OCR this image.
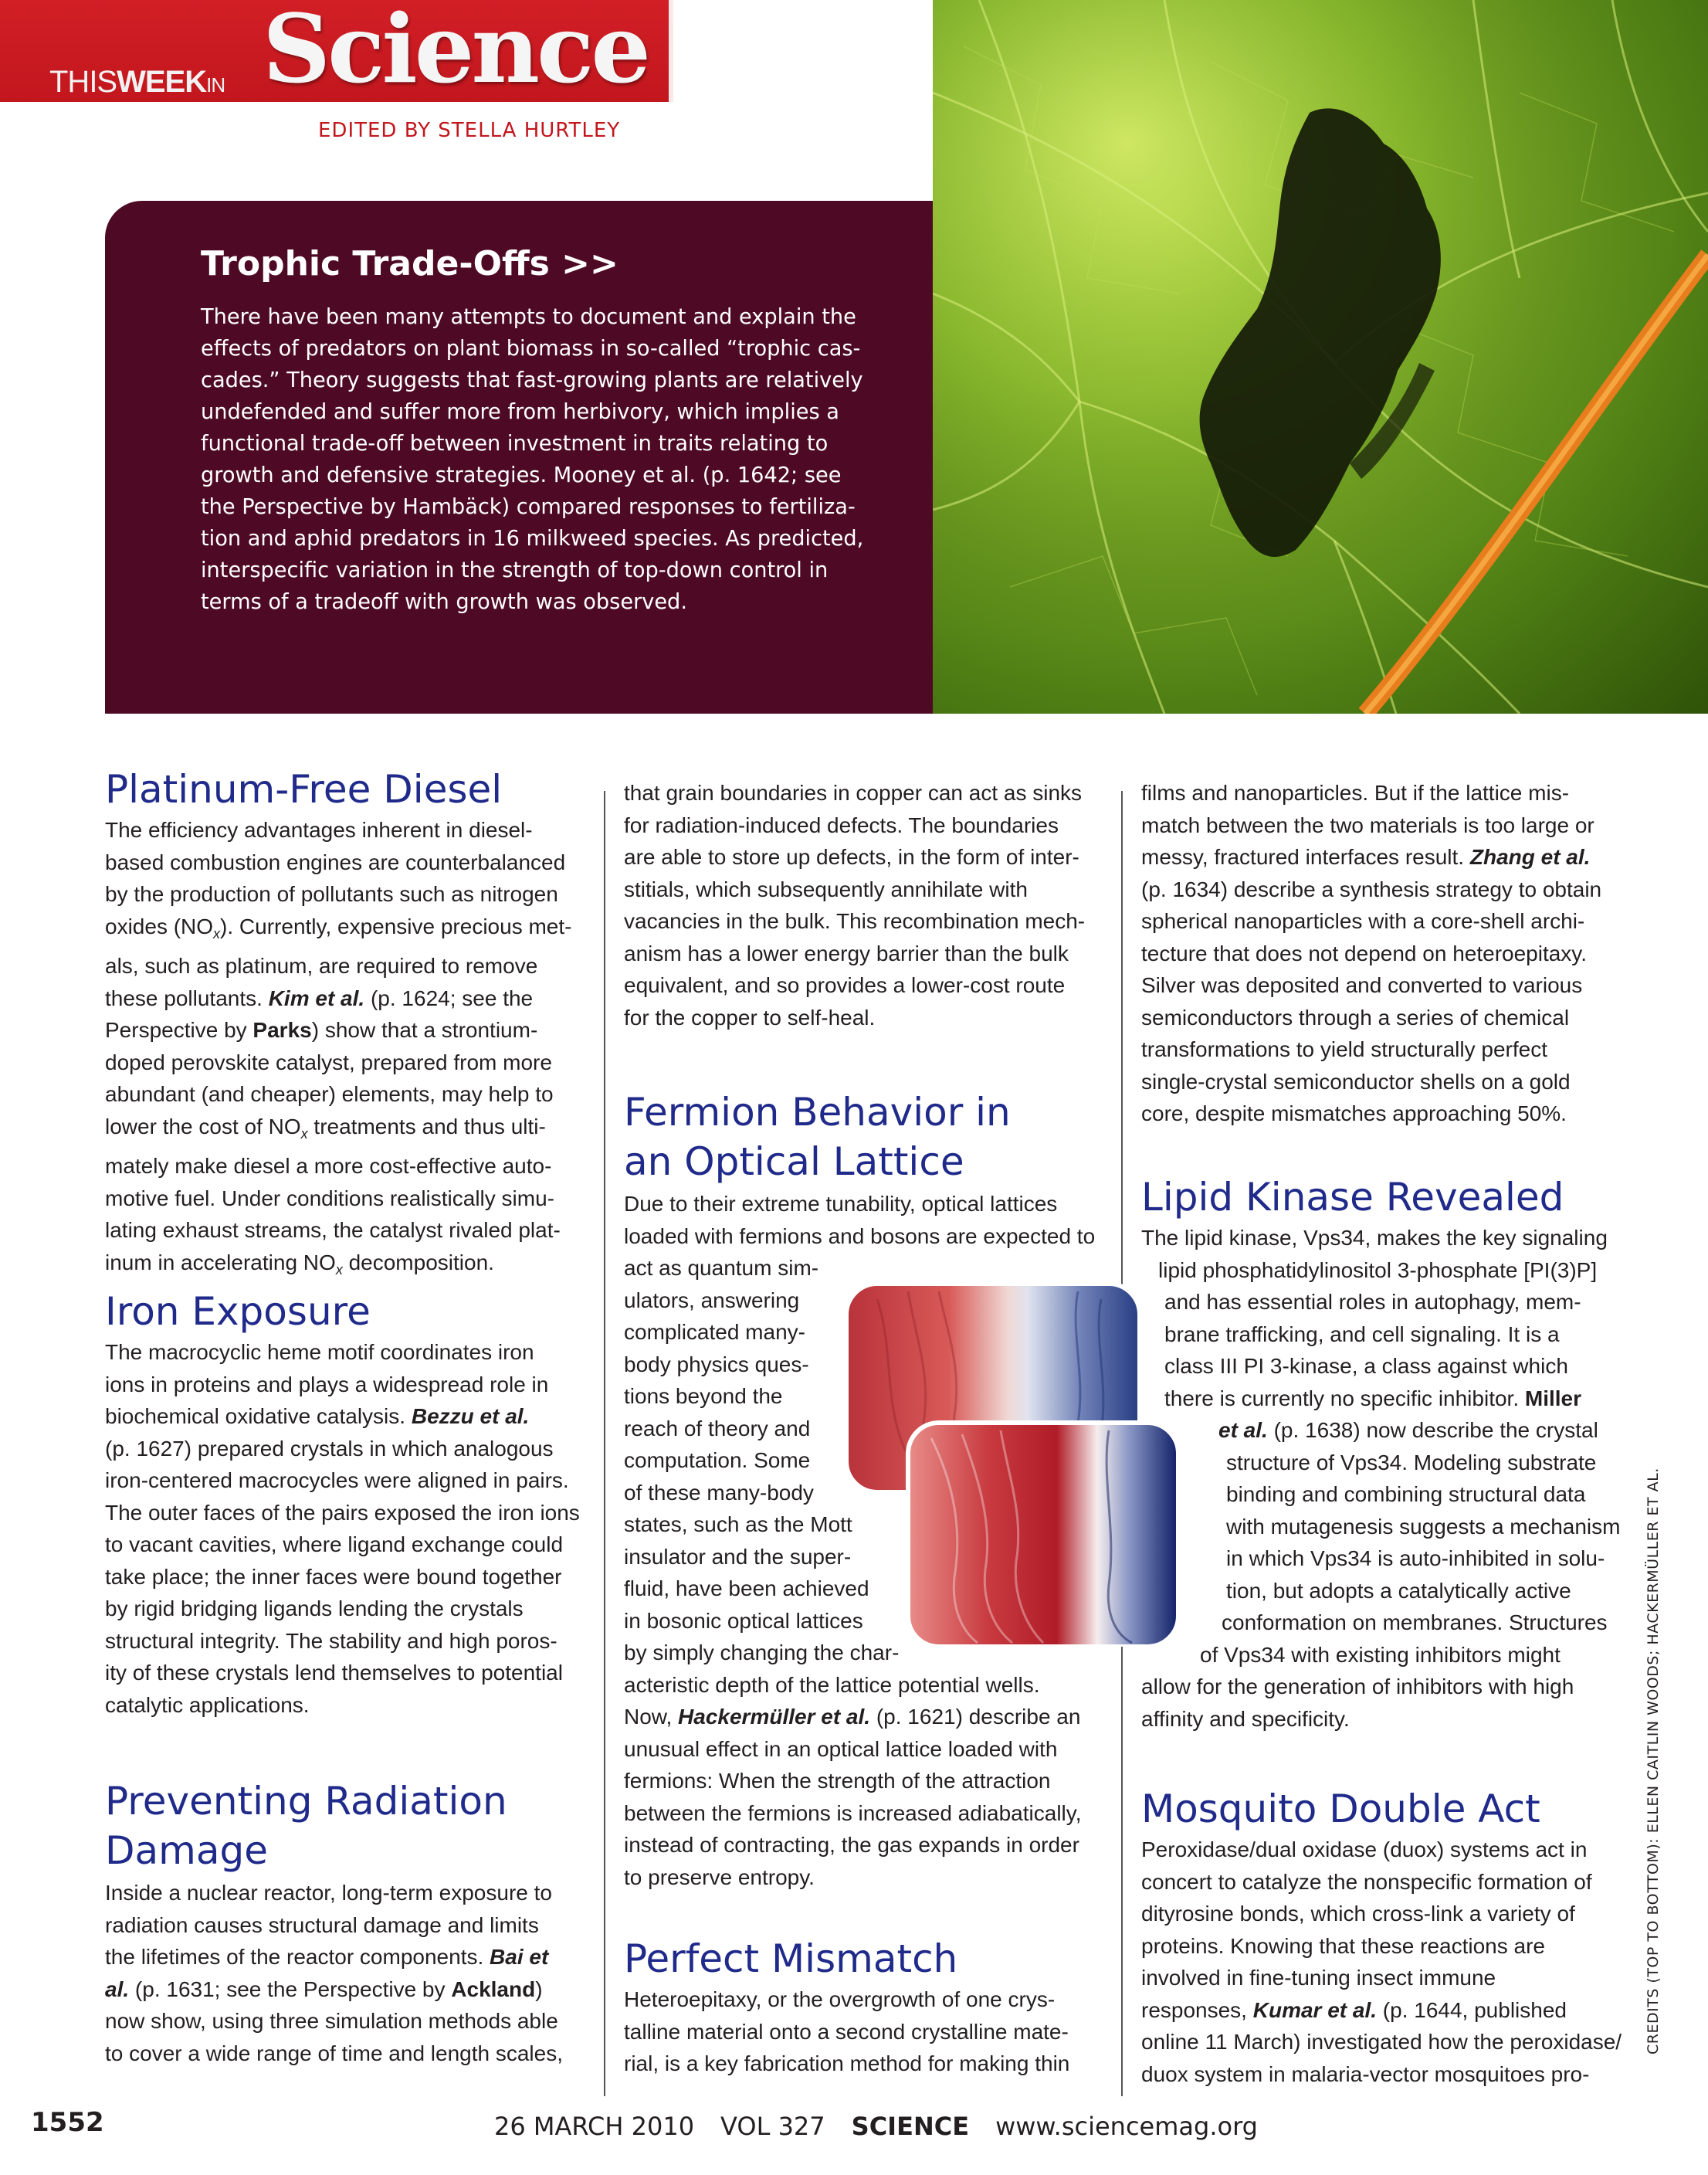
THISWEEKIN Science
EDITED BY STELLA HURTLEY
Trophic Trade-Offs >>
There have been many attempts to document and explain the
effects of predators on plant biomass in so-called “trophic cas-
cades.” Theory suggests that fast-growing plants are relatively
undefended and suffer more from herbivory, which implies a
functional trade-off between investment in traits relating to
growth and defensive strategies. Mooney et al. (p. 1642; see
the Perspective by Hambäck) compared responses to fertiliza-
tion and aphid predators in 16 milkweed species. As predicted,
interspecific variation in the strength of top-down control in
terms of a tradeoff with growth was observed.
Platinum-Free Diesel
The efficiency advantages inherent in diesel-
based combustion engines are counterbalanced
by the production of pollutants such as nitrogen
oxides $(NO_x)$. Currently, expensive precious met-
als, such as platinum, are required to remove
these pollutants. Kim et al. (p. 1624; see the
Perspective by Parks) show that a strontium-
doped perovskite catalyst, prepared from more
abundant (and cheaper) elements, may help to
lower the cost of $NO_x$ treatments and thus ulti-
mately make diesel a more cost-effective auto-
motive fuel. Under conditions realistically simu-
lating exhaust streams, the catalyst rivaled plat-
inum in accelerating $NO_x$ decomposition.
Iron Exposure
The macrocyclic heme motif coordinates iron
ions in proteins and plays a widespread role in
biochemical oxidative catalysis. Bezzu et al.
(p. 1627) prepared crystals in which analogous
iron-centered macrocycles were aligned in pairs.
The outer faces of the pairs exposed the iron ions
to vacant cavities, where ligand exchange could
take place; the inner faces were bound together
by rigid bridging ligands lending the crystals
structural integrity. The stability and high poros-
ity of these crystals lend themselves to potential
catalytic applications.
Preventing Radiation
Damage
Inside a nuclear reactor, long-term exposure to
radiation causes structural damage and limits
the lifetimes of the reactor components. Bai et
al. (p. 1631; see the Perspective by Ackland)
now show, using three simulation methods able
to cover a wide range of time and length scales,
that grain boundaries in copper can act as sinks
for radiation-induced defects. The boundaries
are able to store up defects, in the form of inter-
stitials, which subsequently annihilate with
vacancies in the bulk. This recombination mech-
anism has a lower energy barrier than the bulk
equivalent, and so provides a lower-cost route
for the copper to self-heal.
Fermion Behavior in
an Optical Lattice
Due to their extreme tunability, optical lattices
loaded with fermions and bosons are expected to
act as quantum sim-
ulators, answering
complicated many-
body physics ques-
tions beyond the
reach of theory and
computation. Some
of these many-body
states, such as the Mott
insulator and the super-
fluid, have been achieved
in bosonic optical lattices
by simply changing the char-
acteristic depth of the lattice potential wells.
Now, Hackermüller et al. (p. 1621) describe an
unusual effect in an optical lattice loaded with
fermions: When the strength of the attraction
between the fermions is increased adiabatically,
instead of contracting, the gas expands in order
to preserve entropy.
Perfect Mismatch
Heteroepitaxy, or the overgrowth of one crys-
talline material onto a second crystalline mate-
rial, is a key fabrication method for making thin
films and nanoparticles. But if the lattice mis-
match between the two materials is too large or
messy, fractured interfaces result. Zhang et al.
(p. 1634) describe a synthesis strategy to obtain
spherical nanoparticles with a core-shell archi-
tecture that does not depend on heteroepitaxy.
Silver was deposited and converted to various
semiconductors through a series of chemical
transformations to yield structurally perfect
single-crystal semiconductor shells on a gold
core, despite mismatches approaching 50%.
Lipid Kinase Revealed
The lipid kinase, Vps34, makes the key signaling
lipid phosphatidylinositol 3-phosphate [PI(3)P]
and has essential roles in autophagy, mem-
brane trafficking, and cell signaling. It is a
class III PI 3-kinase, a class against which
there is currently no specific inhibitor. Miller
et al. (p. 1638) now describe the crystal
structure of Vps34. Modeling substrate
binding and combining structural data
with mutagenesis suggests a mechanism
in which Vps34 is auto-inhibited in solu-
tion, but adopts a catalytically active
conformation on membranes. Structures
of Vps34 with existing inhibitors might
allow for the generation of inhibitors with high
affinity and specificity.
Mosquito Double Act
Peroxidase/dual oxidase (duox) systems act in
concert to catalyze the nonspecific formation of
dityrosine bonds, which cross-link a variety of
proteins. Knowing that these reactions are
involved in fine-tuning insect immune
responses, Kumar et al. (p. 1644, published
online 11 March) investigated how the peroxidase/
duox system in malaria-vector mosquitoes pro-
CREDITS (TOP TO BOTTOM): ELLEN CAITLIN WOODS; HACKERMÜLLER ET AL.
1552	26 MARCH 2010 VOL 327 SCIENCE www.sciencemag.org
